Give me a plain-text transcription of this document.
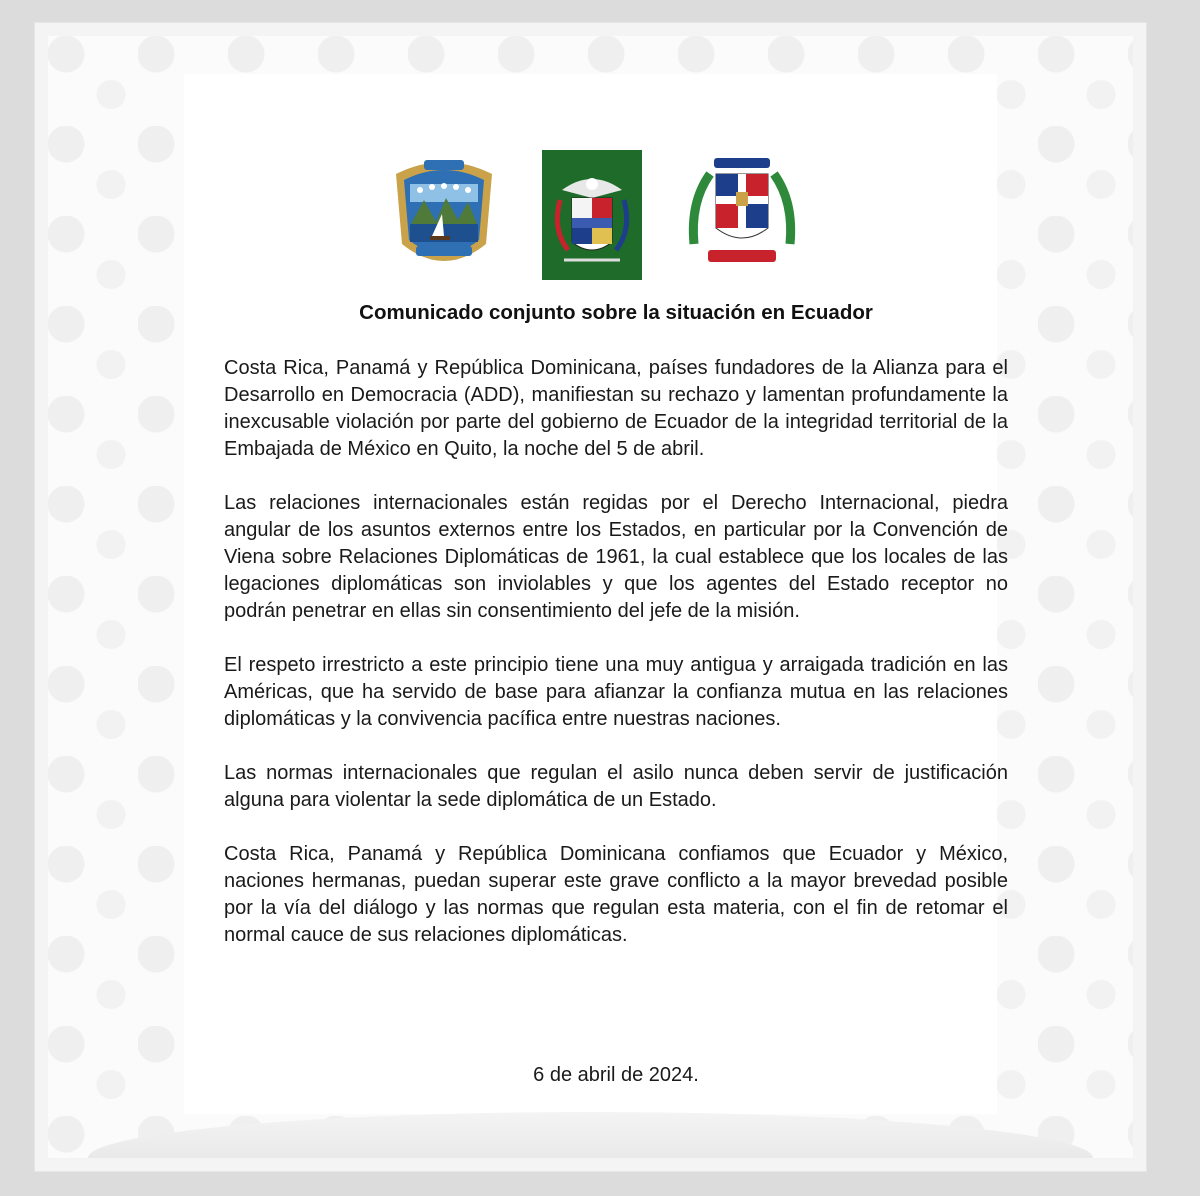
Comunicado conjunto sobre la situación en Ecuador

Costa Rica, Panamá y República Dominicana, países fundadores de la Alianza para el Desarrollo en Democracia (ADD), manifiestan su rechazo y lamentan profundamente la inexcusable violación por parte del gobierno de Ecuador de la integridad territorial de la Embajada de México en Quito, la noche del 5 de abril.

Las relaciones internacionales están regidas por el Derecho Internacional, piedra angular de los asuntos externos entre los Estados, en particular por la Convención de Viena sobre Relaciones Diplomáticas de 1961, la cual establece que los locales de las legaciones diplomáticas son inviolables y que los agentes del Estado receptor no podrán penetrar en ellas sin consentimiento del jefe de la misión.

El respeto irrestricto a este principio tiene una muy antigua y arraigada tradición en las Américas, que ha servido de base para afianzar la confianza mutua en las relaciones diplomáticas y la convivencia pacífica entre nuestras naciones.

Las normas internacionales que regulan el asilo nunca deben servir de justificación alguna para violentar la sede diplomática de un Estado.

Costa Rica, Panamá y República Dominicana confiamos que Ecuador y México, naciones hermanas, puedan superar este grave conflicto a la mayor brevedad posible por la vía del diálogo y las normas que regulan esta materia, con el fin de retomar el normal cauce de sus relaciones diplomáticas.

6 de abril de 2024.
